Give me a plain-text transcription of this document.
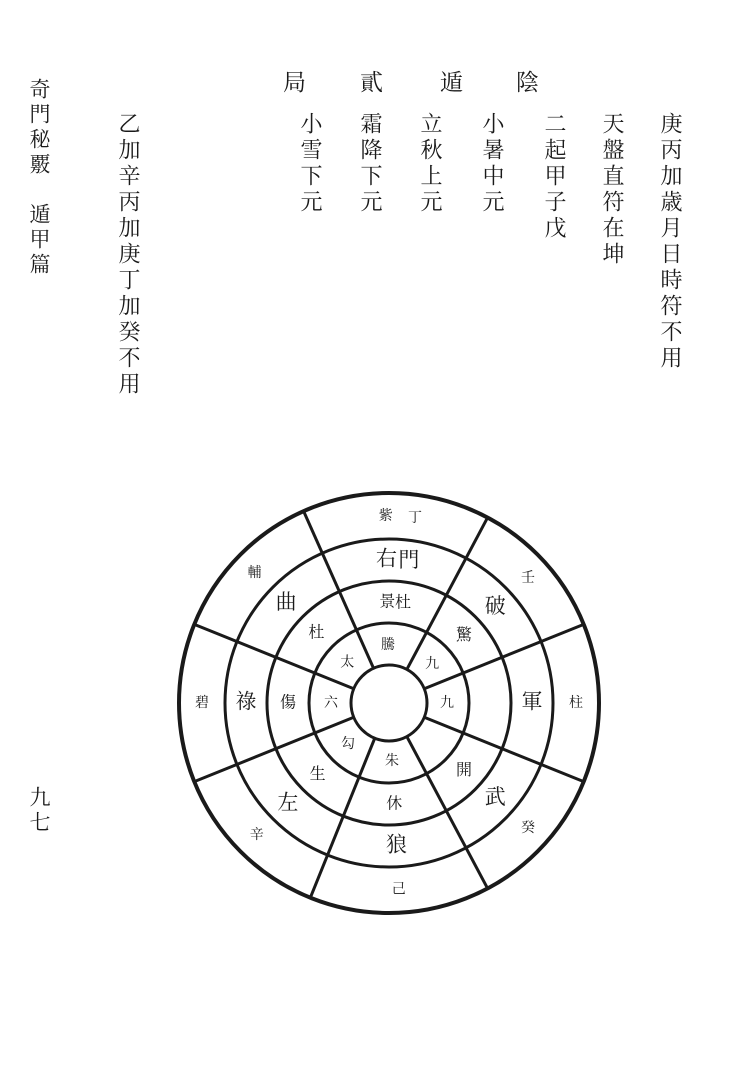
奇門秘覈　遁甲篇
九七
陰
遁
貳
局
庚丙加歳月日時符不用
天盤直符在坤
二起甲子戊
小暑中元
立秋上元
霜降下元
小雪下元
乙加辛丙加庚丁加癸不用
門
杜
丁
破
驚
九
壬
軍
九	柱
武
開
癸
狼
休
朱
己
左
生
勾
辛
祿 傷 六
碧
曲
杜
太
輔
右
景
騰
紫
